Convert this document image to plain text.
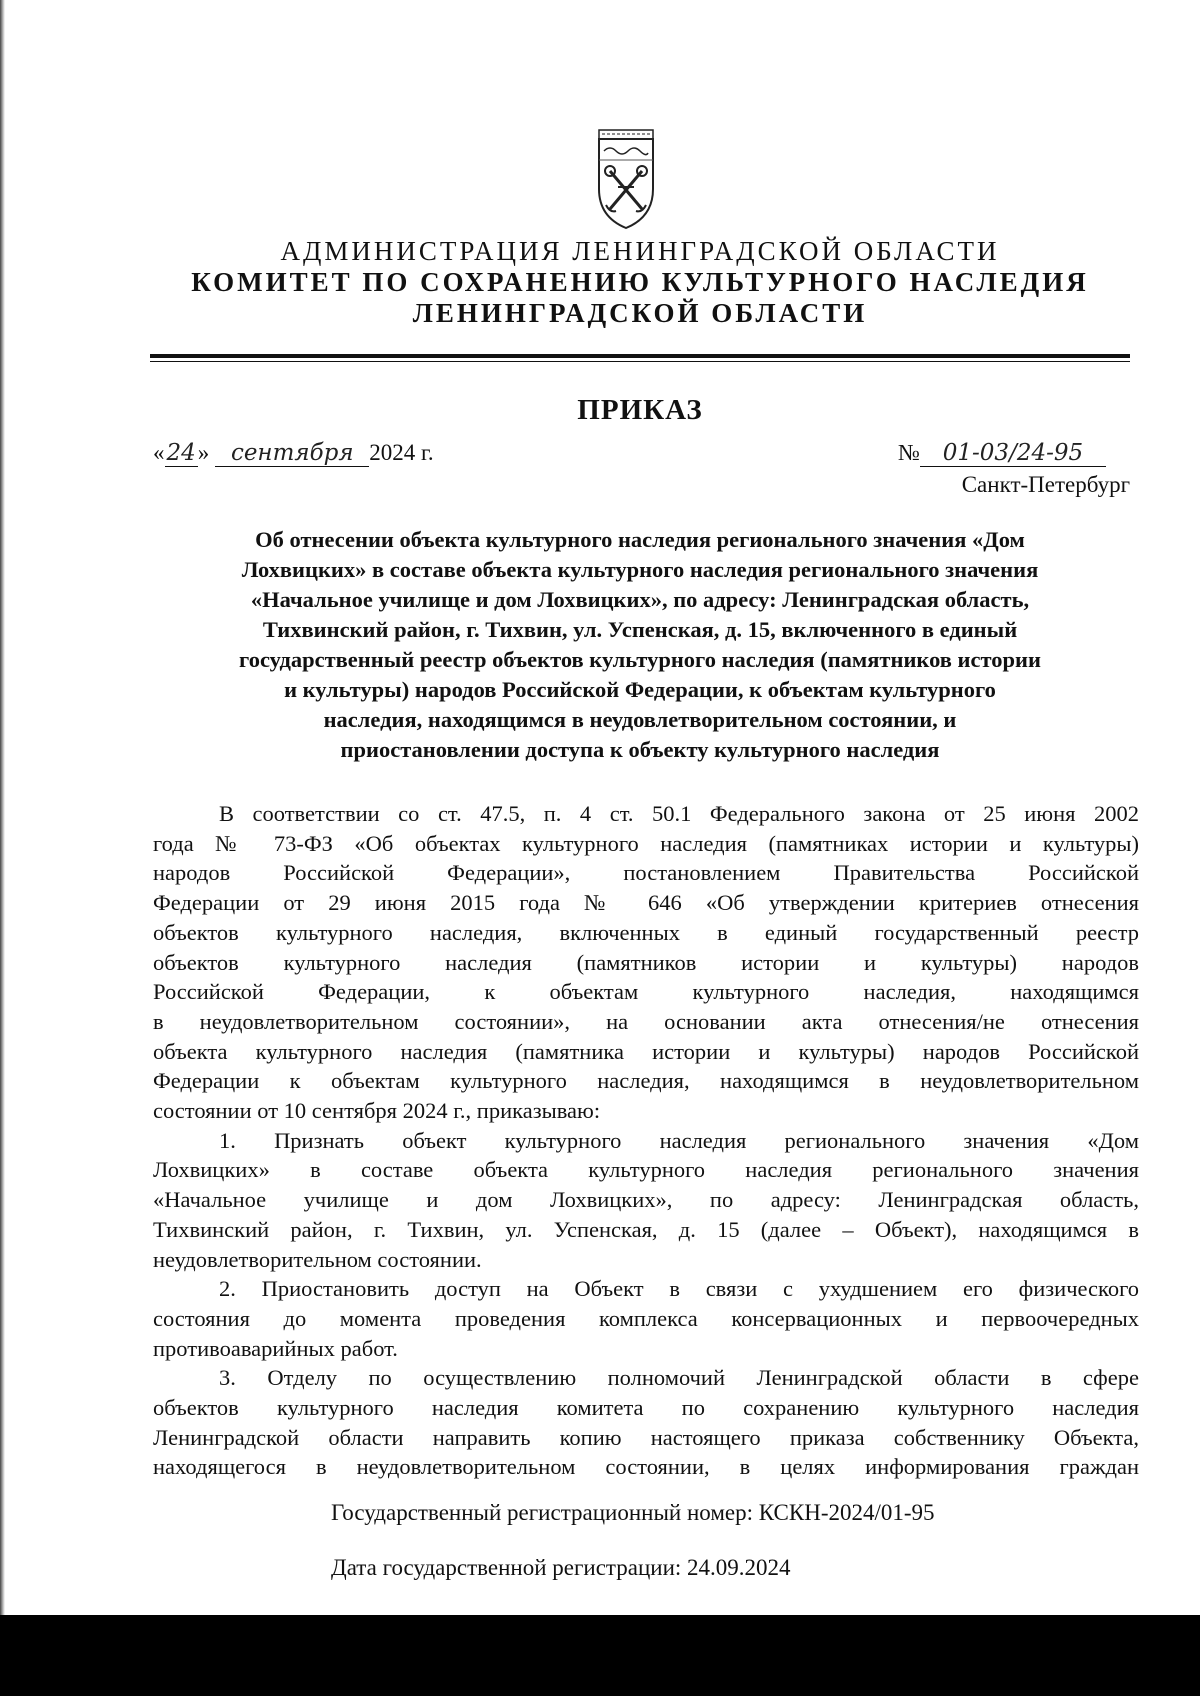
АДМИНИСТРАЦИЯ ЛЕНИНГРАДСКОЙ ОБЛАСТИ
КОМИТЕТ ПО СОХРАНЕНИЮ КУЛЬТУРНОГО НАСЛЕДИЯ
ЛЕНИНГРАДСКОЙ ОБЛАСТИ
ПРИКАЗ
«24» сентября 2024 г.	№ 01-03/24-95
Санкт-Петербург
Об отнесении объекта культурного наследия регионального значения «Дом
Лохвицких» в составе объекта культурного наследия регионального значения
«Начальное училище и дом Лохвицких», по адресу: Ленинградская область,
Тихвинский район, г. Тихвин, ул. Успенская, д. 15, включенного в единый
государственный реестр объектов культурного наследия (памятников истории
и культуры) народов Российской Федерации, к объектам культурного
наследия, находящимся в неудовлетворительном состоянии, и
приостановлении доступа к объекту культурного наследия
В соответствии со ст. 47.5, п. 4 ст. 50.1 Федерального закона от 25 июня 2002
года № 73-ФЗ «Об объектах культурного наследия (памятниках истории и культуры)
народов Российской Федерации», постановлением Правительства Российской
Федерации от 29 июня 2015 года № 646 «Об утверждении критериев отнесения
объектов культурного наследия, включенных в единый государственный реестр
объектов культурного наследия (памятников истории и культуры) народов
Российской Федерации, к объектам культурного наследия, находящимся
в неудовлетворительном состоянии», на основании акта отнесения/не отнесения
объекта культурного наследия (памятника истории и культуры) народов Российской
Федерации к объектам культурного наследия, находящимся в неудовлетворительном
состоянии от 10 сентября 2024 г., приказываю:
1. Признать объект культурного наследия регионального значения «Дом
Лохвицких» в составе объекта культурного наследия регионального значения
«Начальное училище и дом Лохвицких», по адресу: Ленинградская область,
Тихвинский район, г. Тихвин, ул. Успенская, д. 15 (далее – Объект), находящимся в
неудовлетворительном состоянии.
2. Приостановить доступ на Объект в связи с ухудшением его физического
состояния до момента проведения комплекса консервационных и первоочередных
противоаварийных работ.
3. Отделу по осуществлению полномочий Ленинградской области в сфере
объектов культурного наследия комитета по сохранению культурного наследия
Ленинградской области направить копию настоящего приказа собственнику Объекта,
находящегося в неудовлетворительном состоянии, в целях информирования граждан
Государственный регистрационный номер: КСКН-2024/01-95
Дата государственной регистрации: 24.09.2024
